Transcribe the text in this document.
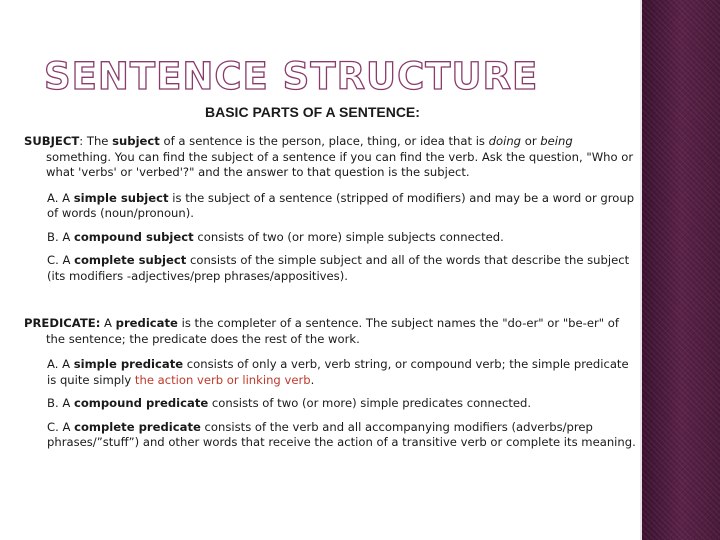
SENTENCE STRUCTURE
BASIC PARTS OF A SENTENCE:

SUBJECT: The subject of a sentence is the person, place, thing, or idea that is doing or being something. You can find the subject of a sentence if you can find the verb. Ask the question, "Who or what 'verbs' or 'verbed'?" and the answer to that question is the subject.

A. A simple subject is the subject of a sentence (stripped of modifiers) and may be a word or group of words (noun/pronoun).

B. A compound subject consists of two (or more) simple subjects connected.

C. A complete subject consists of the simple subject and all of the words that describe the subject (its modifiers -adjectives/prep phrases/appositives).

PREDICATE: A predicate is the completer of a sentence. The subject names the "do-er" or "be-er" of the sentence; the predicate does the rest of the work.

A. A simple predicate consists of only a verb, verb string, or compound verb; the simple predicate is quite simply the action verb or linking verb.

B. A compound predicate consists of two (or more) simple predicates connected.

C. A complete predicate consists of the verb and all accompanying modifiers (adverbs/prep phrases/”stuff”) and other words that receive the action of a transitive verb or complete its meaning.
